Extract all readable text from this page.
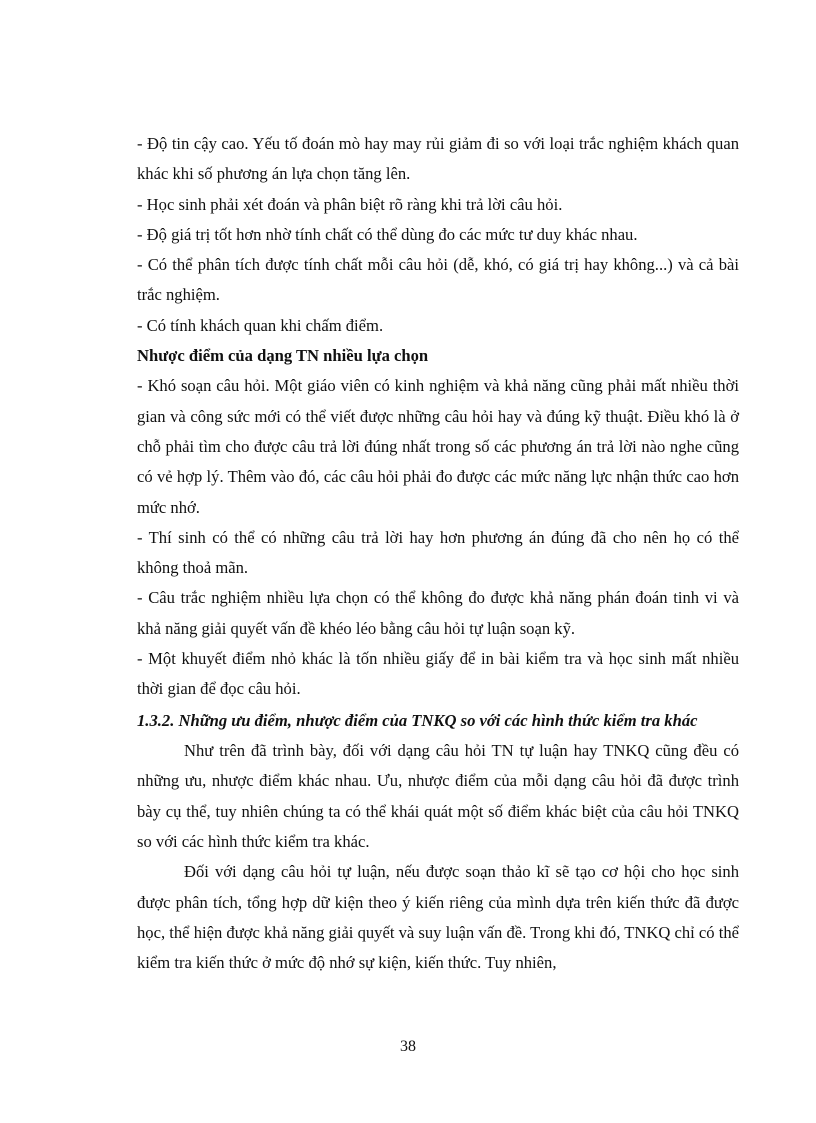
- Độ tin cậy cao. Yếu tố đoán mò hay may rủi giảm đi so với loại trắc nghiệm khách quan khác khi số phương án lựa chọn tăng lên.

- Học sinh phải xét đoán và phân biệt rõ ràng khi trả lời câu hỏi.

- Độ giá trị tốt hơn nhờ tính chất có thể dùng đo các mức tư duy khác nhau.

- Có thể phân tích được tính chất mỗi câu hỏi (dễ, khó, có giá trị hay không...) và cả bài trắc nghiệm.

- Có tính khách quan khi chấm điểm.

Nhược điểm của dạng TN nhiều lựa chọn

- Khó soạn câu hỏi. Một giáo viên có kinh nghiệm và khả năng cũng phải mất nhiều thời gian và công sức mới có thể viết được những câu hỏi hay và đúng kỹ thuật. Điều khó là ở chỗ phải tìm cho được câu trả lời đúng nhất trong số các phương án trả lời nào nghe cũng có vẻ hợp lý. Thêm vào đó, các câu hỏi phải đo được các mức năng lực nhận thức cao hơn mức nhớ.

- Thí sinh có thể có những câu trả lời hay hơn phương án đúng đã cho nên họ có thể không thoả mãn.

- Câu trắc nghiệm nhiều lựa chọn có thể không đo được khả năng phán đoán tinh vi và khả năng giải quyết vấn đề khéo léo bằng câu hỏi tự luận soạn kỹ.

- Một khuyết điểm nhỏ khác là tốn nhiều giấy để in bài kiểm tra và học sinh mất nhiều thời gian để đọc câu hỏi.

1.3.2. Những ưu điểm, nhược điểm của TNKQ so với các hình thức kiểm tra khác

Như trên đã trình bày, đối với dạng câu hỏi TN tự luận hay TNKQ cũng đều có những ưu, nhược điểm khác nhau. Ưu, nhược điểm của mỗi dạng câu hỏi đã được trình bày cụ thể, tuy nhiên chúng ta có thể khái quát một số điểm khác biệt của câu hỏi TNKQ so với các hình thức kiểm tra khác.

Đối với dạng câu hỏi tự luận, nếu được soạn thảo kĩ sẽ tạo cơ hội cho học sinh được phân tích, tổng hợp dữ kiện theo ý kiến riêng của mình dựa trên kiến thức đã được học, thể hiện được khả năng giải quyết và suy luận vấn đề. Trong khi đó, TNKQ chỉ có thể kiểm tra kiến thức ở mức độ nhớ sự kiện, kiến thức. Tuy nhiên,

38
